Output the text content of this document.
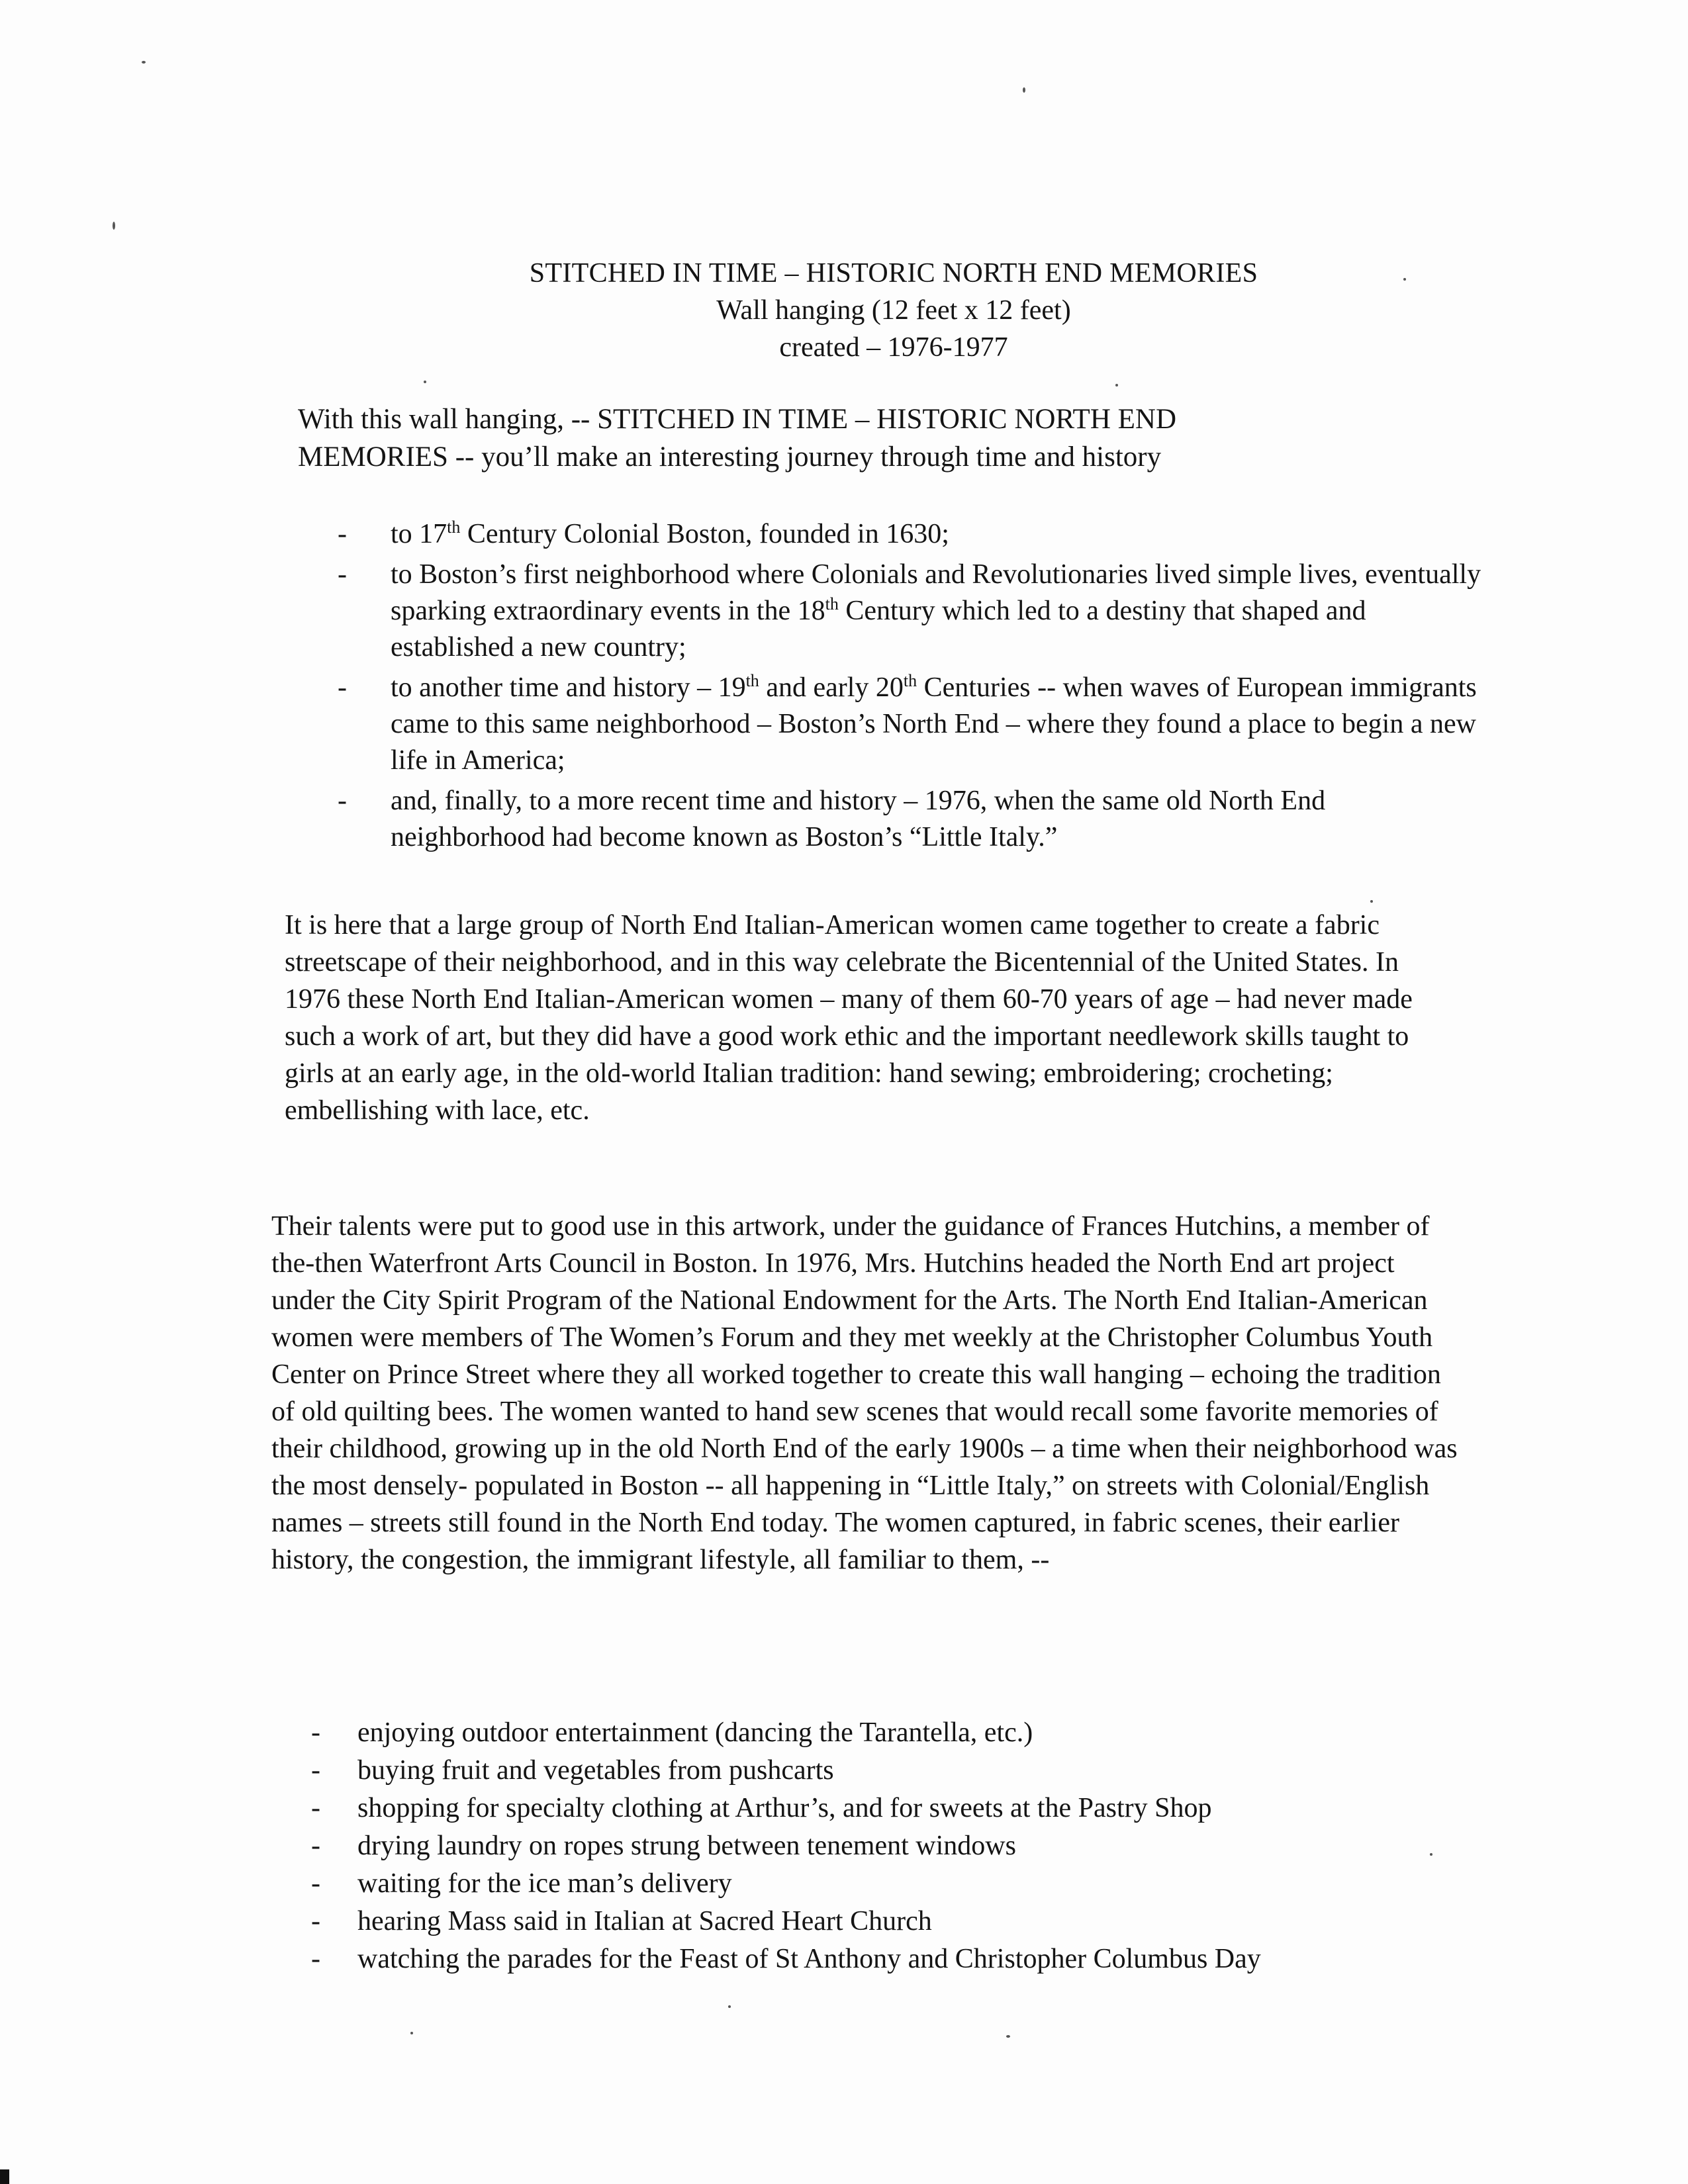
STITCHED IN TIME – HISTORIC NORTH END MEMORIES
Wall hanging (12 feet x 12 feet)
created – 1976-1977
With this wall hanging, -- STITCHED IN TIME – HISTORIC NORTH END MEMORIES -- you’ll make an interesting journey through time and history
- to 17th Century Colonial Boston, founded in 1630;
- to Boston’s first neighborhood where Colonials and Revolutionaries lived simple lives, eventually sparking extraordinary events in the 18th Century which led to a destiny that shaped and established a new country;
- to another time and history – 19th and early 20th Centuries -- when waves of European immigrants came to this same neighborhood – Boston’s North End – where they found a place to begin a new life in America;
- and, finally, to a more recent time and history – 1976, when the same old North End neighborhood had become known as Boston’s “Little Italy.”
It is here that a large group of North End Italian-American women came together to create a fabric streetscape of their neighborhood, and in this way celebrate the Bicentennial of the United States. In 1976 these North End Italian-American women – many of them 60-70 years of age – had never made such a work of art, but they did have a good work ethic and the important needlework skills taught to girls at an early age, in the old-world Italian tradition: hand sewing; embroidering; crocheting; embellishing with lace, etc.
Their talents were put to good use in this artwork, under the guidance of Frances Hutchins, a member of the-then Waterfront Arts Council in Boston. In 1976, Mrs. Hutchins headed the North End art project under the City Spirit Program of the National Endowment for the Arts. The North End Italian-American women were members of The Women’s Forum and they met weekly at the Christopher Columbus Youth Center on Prince Street where they all worked together to create this wall hanging – echoing the tradition of old quilting bees. The women wanted to hand sew scenes that would recall some favorite memories of their childhood, growing up in the old North End of the early 1900s – a time when their neighborhood was the most densely- populated in Boston -- all happening in “Little Italy,” on streets with Colonial/English names – streets still found in the North End today. The women captured, in fabric scenes, their earlier history, the congestion, the immigrant lifestyle, all familiar to them, --
- enjoying outdoor entertainment (dancing the Tarantella, etc.)
- buying fruit and vegetables from pushcarts
- shopping for specialty clothing at Arthur’s, and for sweets at the Pastry Shop
- drying laundry on ropes strung between tenement windows
- waiting for the ice man’s delivery
- hearing Mass said in Italian at Sacred Heart Church
- watching the parades for the Feast of St Anthony and Christopher Columbus Day
